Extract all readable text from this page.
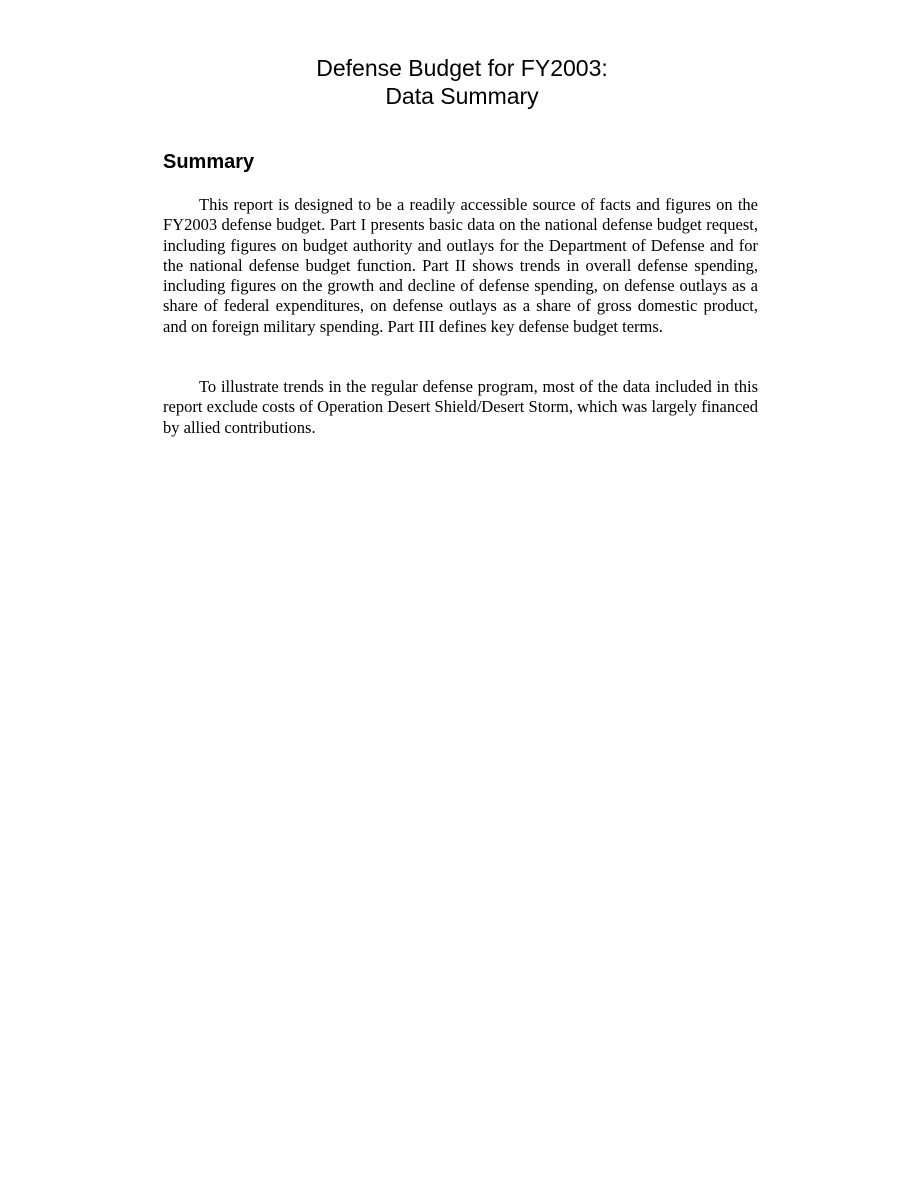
Defense Budget for FY2003:
Data Summary
Summary

This report is designed to be a readily accessible source of facts and figures on the FY2003 defense budget. Part I presents basic data on the national defense budget request, including figures on budget authority and outlays for the Department of Defense and for the national defense budget function. Part II shows trends in overall defense spending, including figures on the growth and decline of defense spending, on defense outlays as a share of federal expenditures, on defense outlays as a share of gross domestic product, and on foreign military spending. Part III defines key defense budget terms.

To illustrate trends in the regular defense program, most of the data included in this report exclude costs of Operation Desert Shield/Desert Storm, which was largely financed by allied contributions.
